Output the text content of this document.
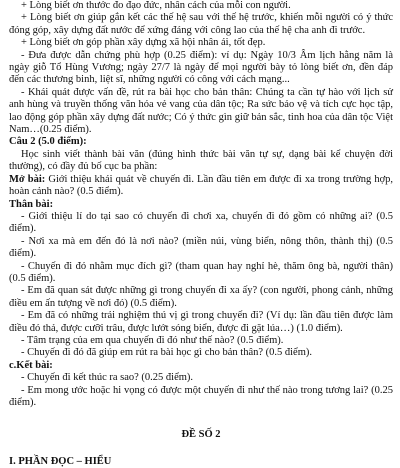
+ Lòng biết ơn thước đo đạo đức, nhân cách của mỗi con người.

+ Lòng biết ơn giúp gắn kết các thế hệ sau với thế hệ trước, khiến mỗi người có ý thức đóng góp, xây dựng đất nước để xứng đáng với công lao của thế hệ cha anh đi trước.

+ Lòng biết ơn góp phần xây dựng xã hội nhân ái, tốt đẹp.

- Đưa được dẫn chứng phù hợp (0.25 điểm): ví dụ: Ngày 10/3 Âm lịch hằng năm là ngày giỗ Tổ Hùng Vương; ngày 27/7 là ngày để mọi người bày tỏ lòng biết ơn, đền đáp đến các thương binh, liệt sĩ, những người có công với cách mạng...

- Khái quát được vấn đề, rút ra bài học cho bản thân: Chúng ta cần tự hào với lịch sử anh hùng và truyền thống văn hóa vẻ vang của dân tộc; Ra sức bảo vệ và tích cực học tập, lao động góp phần xây dựng đất nước; Có ý thức gìn giữ bản sắc, tinh hoa của dân tộc Việt Nam…(0.25 điểm).

Câu 2 (5.0 điểm):

Học sinh viết thành bài văn (đúng hình thức bài văn tự sự, dạng bài kể chuyện đời thường), có đầy đủ bố cục ba phần:

Mở bài: Giới thiệu khái quát về chuyến đi. Lần đầu tiên em được đi xa trong trường hợp, hoàn cảnh nào? (0.5 điểm).

Thân bài:

- Giới thiệu lí do tại sao có chuyến đi chơi xa, chuyến đi đó gồm có những ai? (0.5 điểm).

- Nơi xa mà em đến đó là nơi nào? (miền núi, vùng biển, nông thôn, thành thị) (0.5 điểm).

- Chuyến đi đó nhằm mục đích gì? (tham quan hay nghỉ hè, thăm ông bà, người thân) (0.5 điểm).

- Em đã quan sát được những gì trong chuyến đi xa ấy? (con người, phong cảnh, những điều em ấn tượng về nơi đó) (0.5 điểm).

- Em đã có những trải nghiệm thú vị gì trong chuyến đi? (Ví dụ: lần đầu tiên được làm điều đó thả, được cưỡi trâu, được lướt sóng biển, được đi gặt lúa…) (1.0 điểm).

- Tâm trạng của em qua chuyến đi đó như thế nào? (0.5 điểm).

- Chuyến đi đó đã giúp em rút ra bài học gì cho bản thân? (0.5 điểm).

c.Kết bài:

- Chuyến đi kết thúc ra sao? (0.25 điểm).

- Em mong ước hoặc hi vọng có được một chuyến đi như thế nào trong tương lai? (0.25 điểm).

ĐỀ SỐ 2

I. PHẦN ĐỌC – HIỂU
